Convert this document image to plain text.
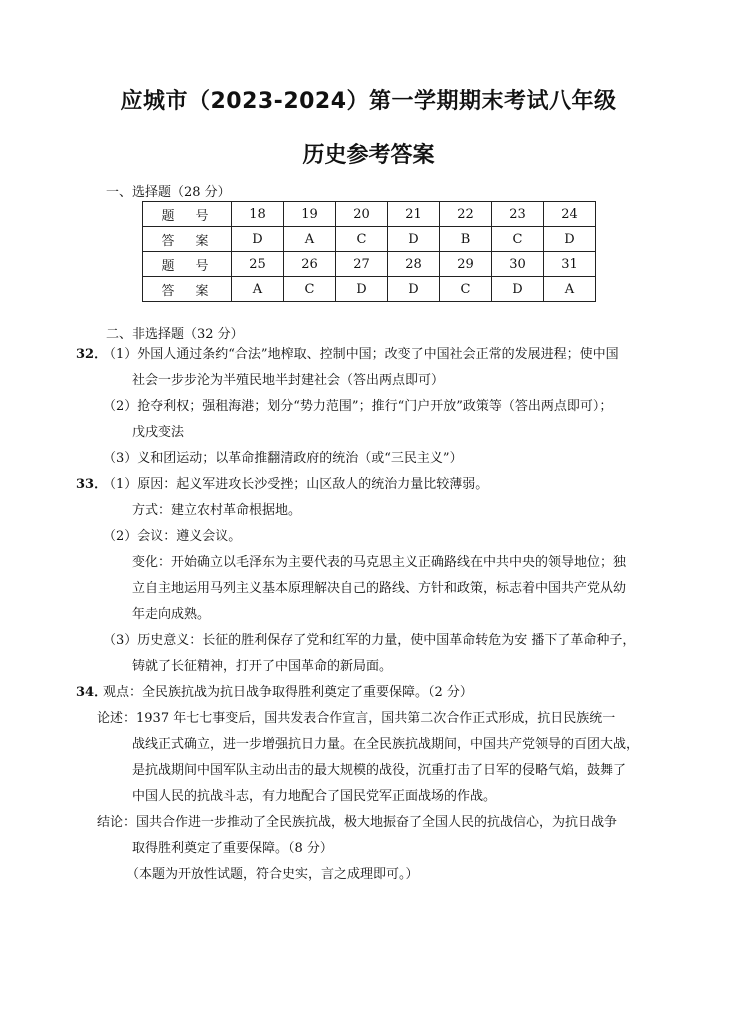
应城市（2023-2024）第一学期期末考试八年级
历史参考答案
一、选择题（28 分）
题　号	18	19	20	21	22	23	24
答　案	D	A	C	D	B	C	D
题　号	25	26	27	28	29	30	31
答　案	A	C	D	D	C	D	A
二、非选择题（32 分）
32．
（1）外国人通过条约“合法”地榨取、控制中国；改变了中国社会正常的发展进程；使中国
社会一步步沦为半殖民地半封建社会（答出两点即可）
（2）抢夺利权；强租海港；划分“势力范围”；推行“门户开放”政策等（答出两点即可）；
戊戌变法
（3）义和团运动；以革命推翻清政府的统治（或“三民主义”）
33．
（1）原因：起义军进攻长沙受挫；山区敌人的统治力量比较薄弱。
方式：建立农村革命根据地。
（2）会议：遵义会议。
变化：开始确立以毛泽东为主要代表的马克思主义正确路线在中共中央的领导地位；独
立自主地运用马列主义基本原理解决自己的路线、方针和政策，标志着中国共产党从幼
年走向成熟。
（3）历史意义：长征的胜利保存了党和红军的力量，使中国革命转危为安 播下了革命种子，
铸就了长征精神，打开了中国革命的新局面。
34．
观点：全民族抗战为抗日战争取得胜利奠定了重要保障。（2 分）
论述：1937 年七七事变后，国共发表合作宣言，国共第二次合作正式形成，抗日民族统一
战线正式确立，进一步增强抗日力量。在全民族抗战期间，中国共产党领导的百团大战，
是抗战期间中国军队主动出击的最大规模的战役，沉重打击了日军的侵略气焰，鼓舞了
中国人民的抗战斗志，有力地配合了国民党军正面战场的作战。
结论：国共合作进一步推动了全民族抗战，极大地振奋了全国人民的抗战信心，为抗日战争
取得胜利奠定了重要保障。（8 分）
（本题为开放性试题，符合史实，言之成理即可。）
